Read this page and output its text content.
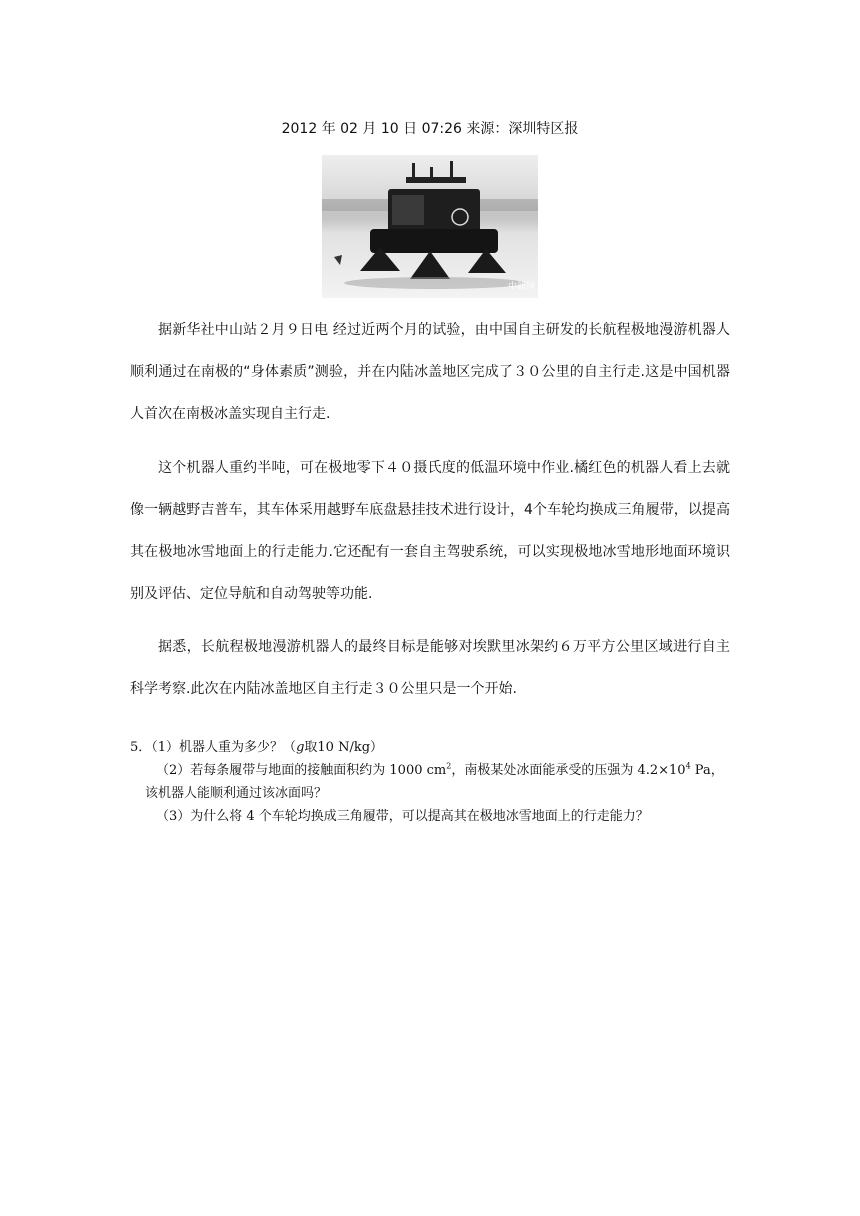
2012 年 02 月 10 日 07:26 来源：深圳特区报
中新网

据新华社中山站２月９日电 经过近两个月的试验，由中国自主研发的长航程极地漫游机器人顺利通过在南极的“身体素质”测验，并在内陆冰盖地区完成了３０公里的自主行走.这是中国机器人首次在南极冰盖实现自主行走.

这个机器人重约半吨，可在极地零下４０摄氏度的低温环境中作业.橘红色的机器人看上去就像一辆越野吉普车，其车体采用越野车底盘悬挂技术进行设计，4个车轮均换成三角履带，以提高其在极地冰雪地面上的行走能力.它还配有一套自主驾驶系统，可以实现极地冰雪地形地面环境识别及评估、定位导航和自动驾驶等功能.

据悉，长航程极地漫游机器人的最终目标是能够对埃默里冰架约６万平方公里区域进行自主科学考察.此次在内陆冰盖地区自主行走３０公里只是一个开始.

5．（1）机器人重为多少？（g取10 N/kg）
（2）若每条履带与地面的接触面积约为 1000 $cm^2$，南极某处冰面能承受的压强为 $4.2\times 10^4$ Pa，
该机器人能顺利通过该冰面吗？
（3）为什么将 4 个车轮均换成三角履带，可以提高其在极地冰雪地面上的行走能力？
